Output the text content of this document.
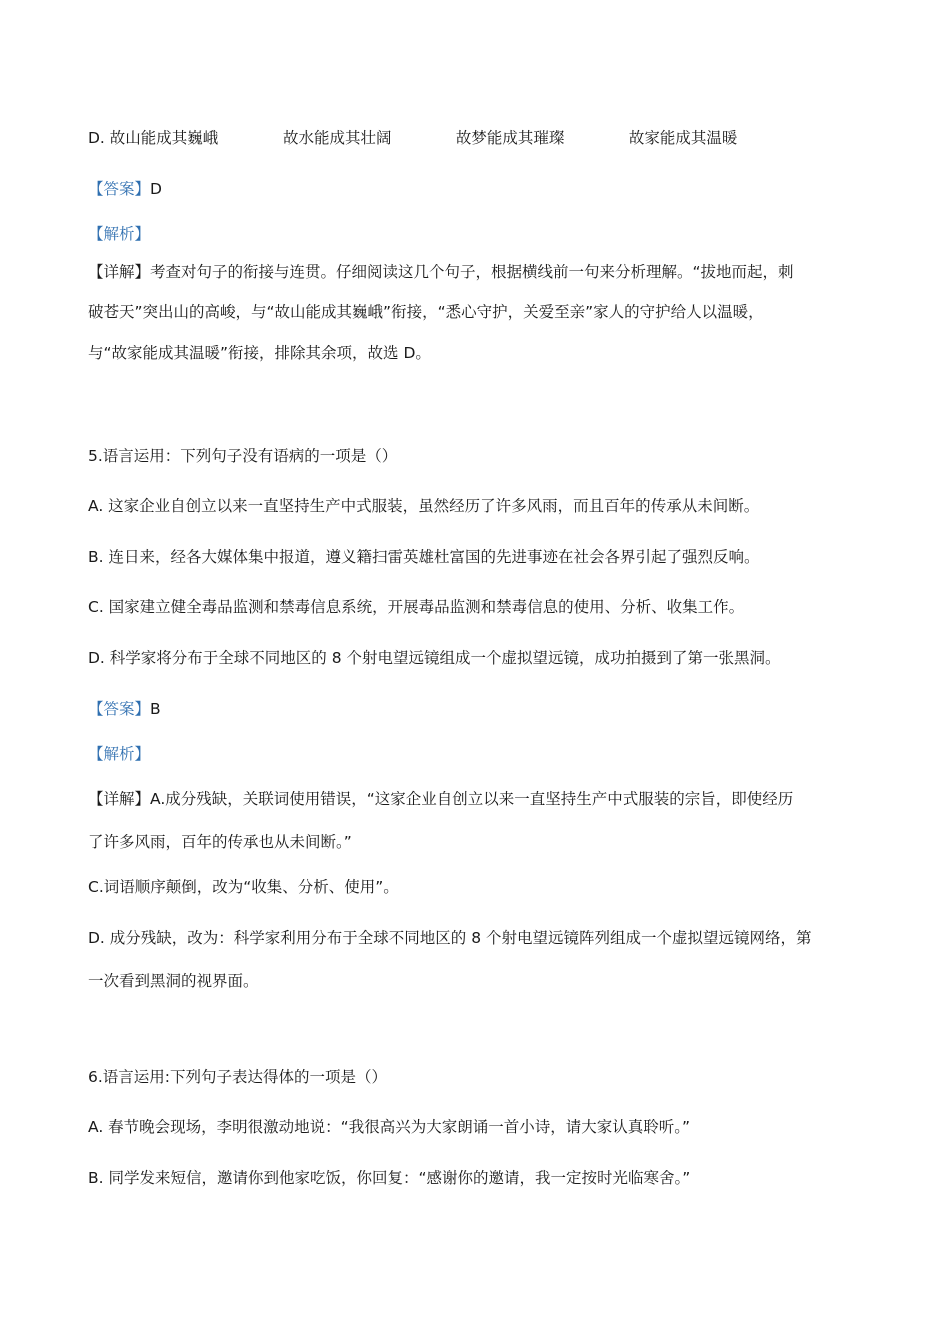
D. 故山能成其巍峨	故水能成其壮阔	故梦能成其璀璨	故家能成其温暖
【答案】D
【解析】
【详解】考查对句子的衔接与连贯。仔细阅读这几个句子，根据横线前一句来分析理解。“拔地而起，刺
破苍天”突出山的高峻，与“故山能成其巍峨”衔接，“悉心守护，关爱至亲”家人的守护给人以温暖，
与“故家能成其温暖”衔接，排除其余项，故选 D。
5.语言运用：下列句子没有语病的一项是（）
A. 这家企业自创立以来一直坚持生产中式服装，虽然经历了许多风雨，而且百年的传承从未间断。
B. 连日来，经各大媒体集中报道，遵义籍扫雷英雄杜富国的先进事迹在社会各界引起了强烈反响。
C. 国家建立健全毒品监测和禁毒信息系统，开展毒品监测和禁毒信息的使用、分析、收集工作。
D. 科学家将分布于全球不同地区的 8 个射电望远镜组成一个虚拟望远镜，成功拍摄到了第一张黑洞。
【答案】B
【解析】
【详解】A.成分残缺，关联词使用错误，“这家企业自创立以来一直坚持生产中式服装的宗旨，即使经历
了许多风雨，百年的传承也从未间断。”
C.词语顺序颠倒，改为“收集、分析、使用”。
D. 成分残缺，改为：科学家利用分布于全球不同地区的 8 个射电望远镜阵列组成一个虚拟望远镜网络，第
一次看到黑洞的视界面。
6.语言运用:下列句子表达得体的一项是（）
A. 春节晚会现场，李明很激动地说：“我很高兴为大家朗诵一首小诗，请大家认真聆听。”
B. 同学发来短信，邀请你到他家吃饭，你回复：“感谢你的邀请，我一定按时光临寒舍。”
